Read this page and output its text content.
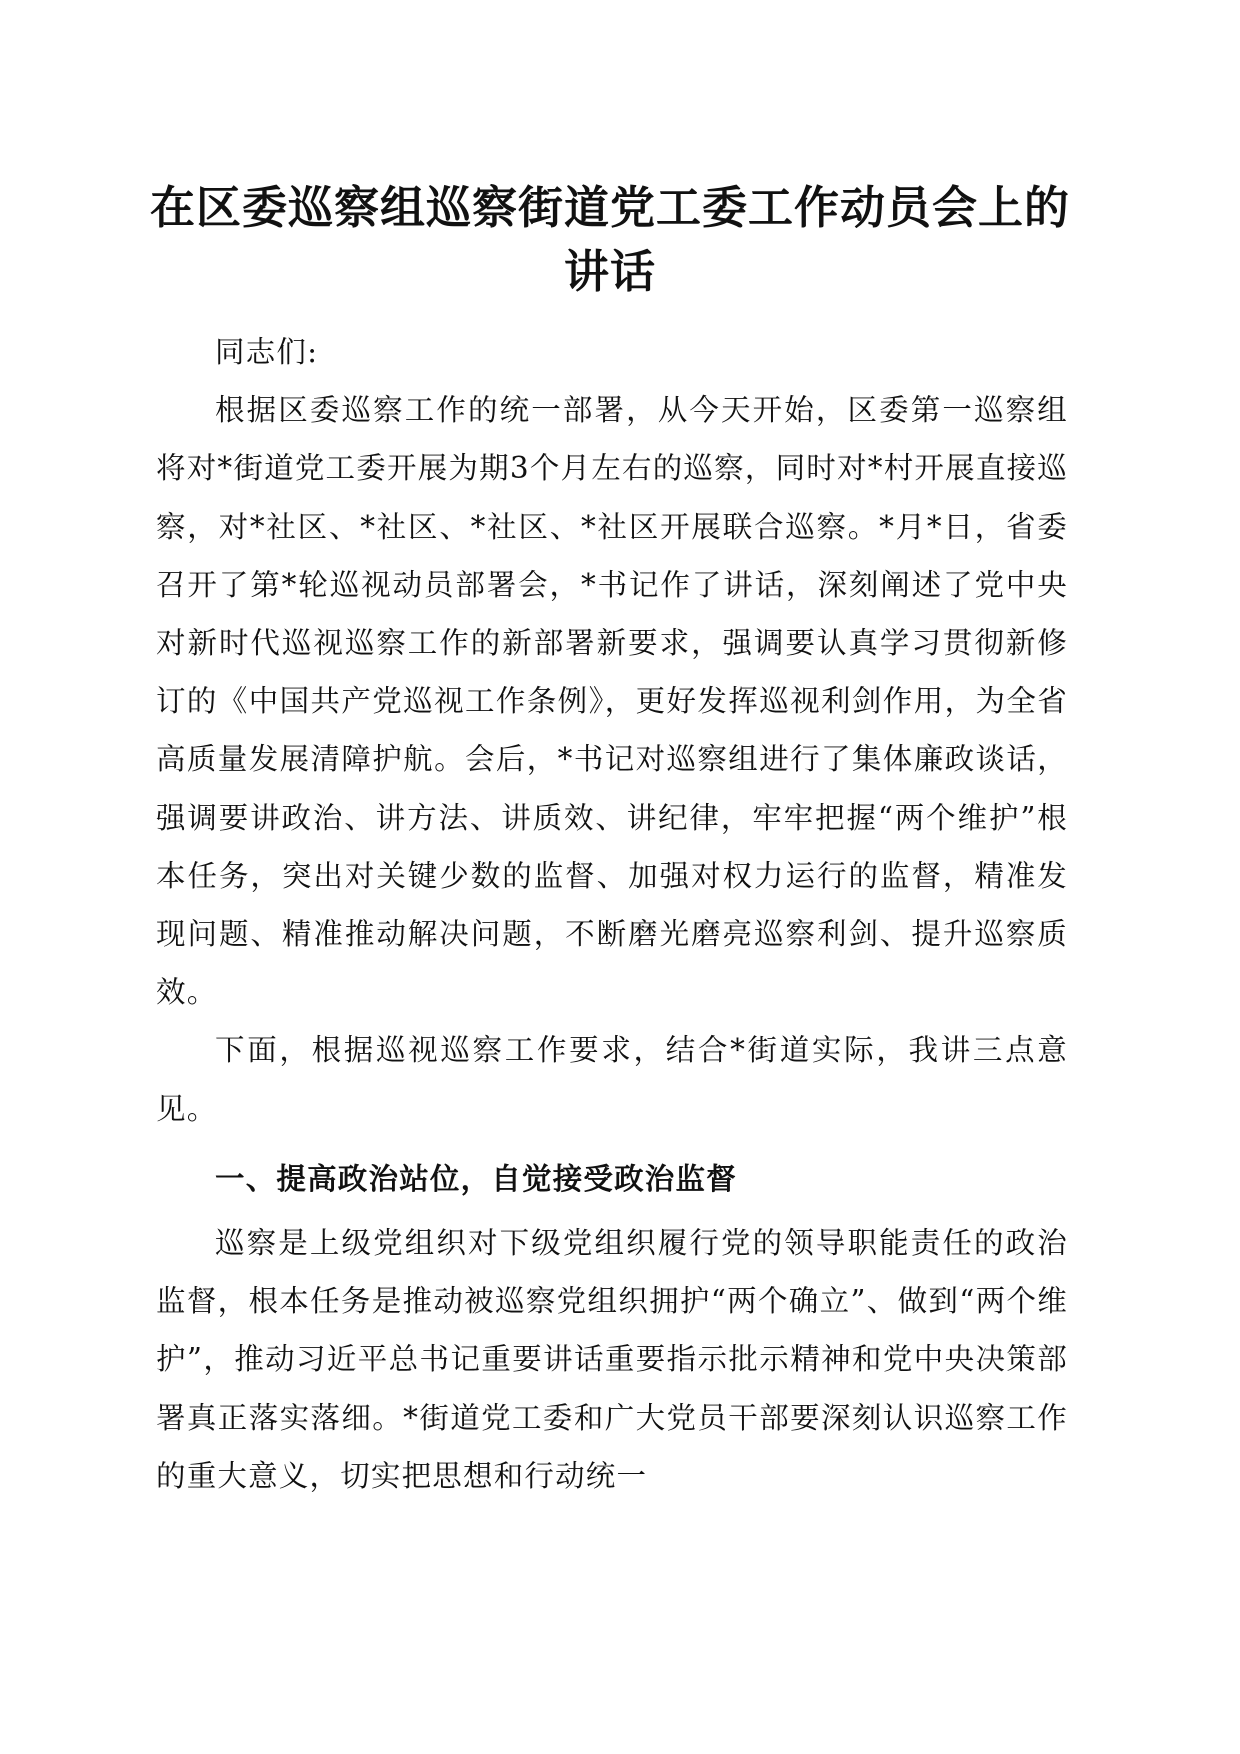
在区委巡察组巡察街道党工委工作动员会上的讲话

同志们:

根据区委巡察工作的统一部署，从今天开始，区委第一巡察组将对*街道党工委开展为期3个月左右的巡察，同时对*村开展直接巡察，对*社区、*社区、*社区、*社区开展联合巡察。*月*日，省委召开了第*轮巡视动员部署会，*书记作了讲话，深刻阐述了党中央对新时代巡视巡察工作的新部署新要求，强调要认真学习贯彻新修订的《中国共产党巡视工作条例》，更好发挥巡视利剑作用，为全省高质量发展清障护航。会后，*书记对巡察组进行了集体廉政谈话，强调要讲政治、讲方法、讲质效、讲纪律，牢牢把握“两个维护”根本任务，突出对关键少数的监督、加强对权力运行的监督，精准发现问题、精准推动解决问题，不断磨光磨亮巡察利剑、提升巡察质效。

下面，根据巡视巡察工作要求，结合*街道实际，我讲三点意见。

一、提高政治站位，自觉接受政治监督

巡察是上级党组织对下级党组织履行党的领导职能责任的政治监督，根本任务是推动被巡察党组织拥护“两个确立”、做到“两个维护”，推动习近平总书记重要讲话重要指示批示精神和党中央决策部署真正落实落细。*街道党工委和广大党员干部要深刻认识巡察工作的重大意义，切实把思想和行动统一
